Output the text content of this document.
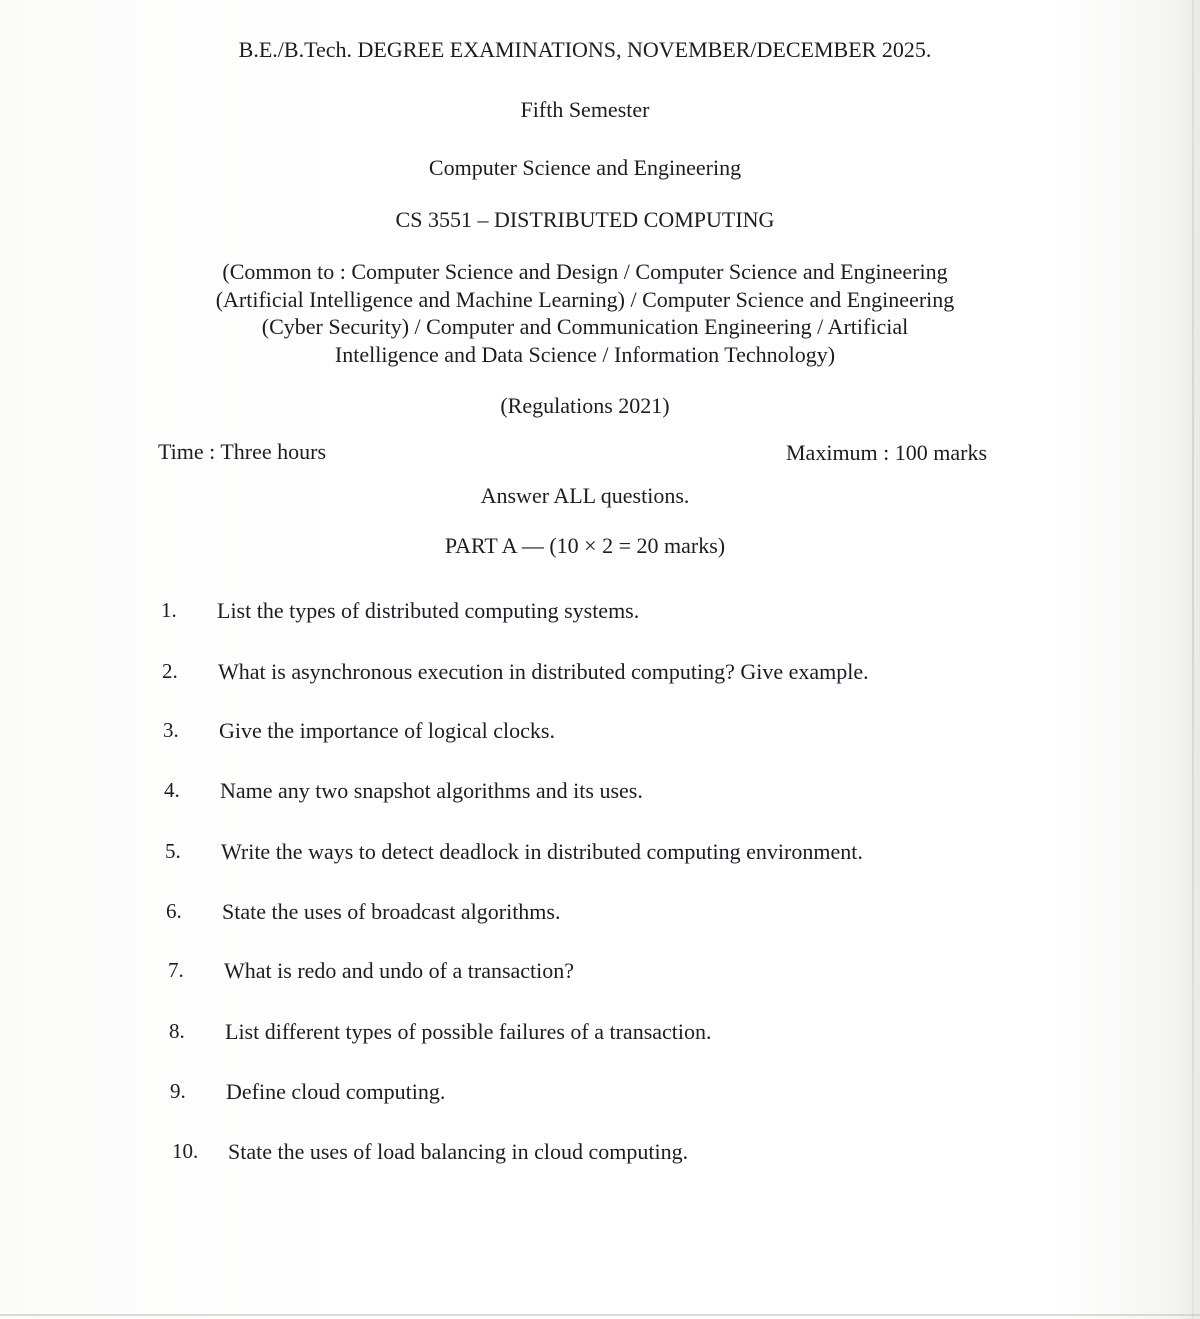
B.E./B.Tech. DEGREE EXAMINATIONS, NOVEMBER/DECEMBER 2025.
Fifth Semester
Computer Science and Engineering
CS 3551 – DISTRIBUTED COMPUTING
(Common to : Computer Science and Design / Computer Science and Engineering
(Artificial Intelligence and Machine Learning) / Computer Science and Engineering
(Cyber Security) / Computer and Communication Engineering / Artificial
Intelligence and Data Science / Information Technology)
(Regulations 2021)
Time : Three hours	Maximum : 100 marks
Answer ALL questions.
PART A — (10 × 2 = 20 marks)
1. List the types of distributed computing systems.
2. What is asynchronous execution in distributed computing? Give example.
3. Give the importance of logical clocks.
4. Name any two snapshot algorithms and its uses.
5. Write the ways to detect deadlock in distributed computing environment.
6. State the uses of broadcast algorithms.
7. What is redo and undo of a transaction?
8. List different types of possible failures of a transaction.
9. Define cloud computing.
10. State the uses of load balancing in cloud computing.
